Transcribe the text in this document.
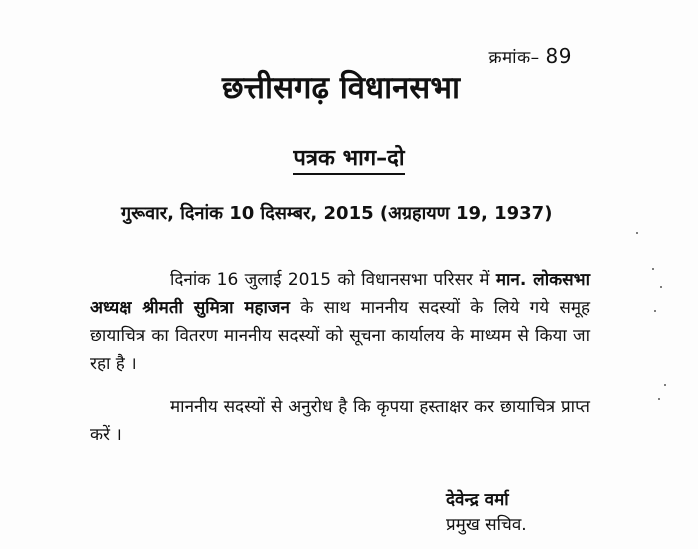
क्रमांक– 89
छत्तीसगढ़ विधानसभा
पत्रक भाग–दो
गुरूवार, दिनांक 10 दिसम्बर, 2015 (अग्रहायण 19, 1937)
दिनांक 16 जुलाई 2015 को विधानसभा परिसर में मान. लोकसभा अध्यक्ष श्रीमती सुमित्रा महाजन के साथ माननीय सदस्यों के लिये गये समूह छायाचित्र का वितरण माननीय सदस्यों को सूचना कार्यालय के माध्यम से किया जा रहा है ।
माननीय सदस्यों से अनुरोध है कि कृपया हस्ताक्षर कर छायाचित्र प्राप्त करें ।
देवेन्द्र वर्मा
प्रमुख सचिव.
